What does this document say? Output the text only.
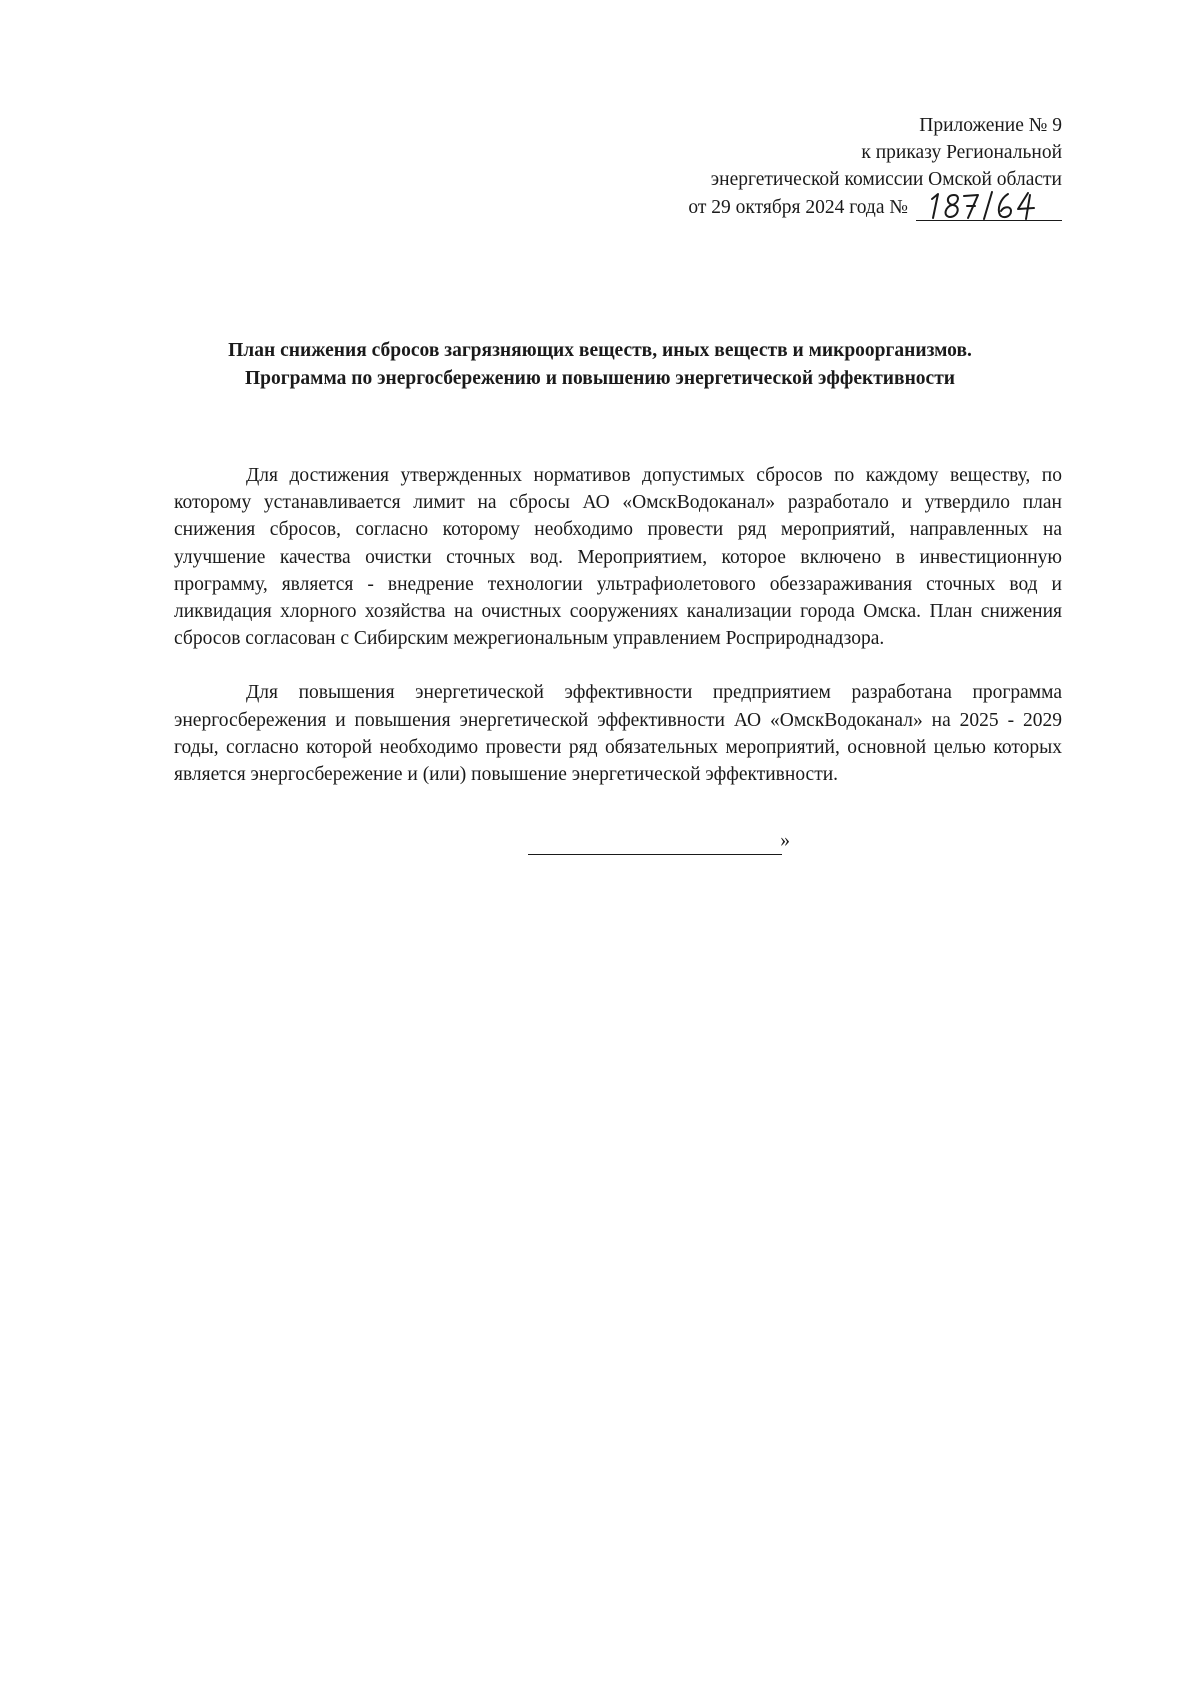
Приложение № 9
к приказу Региональной
энергетической комиссии Омской области
от 29 октября 2024 года №
План снижения сбросов загрязняющих веществ, иных веществ и микроорганизмов.
Программа по энергосбережению и повышению энергетической эффективности

Для достижения утвержденных нормативов допустимых сбросов по каждому веществу, по которому устанавливается лимит на сбросы АО «ОмскВодоканал» разработало и утвердило план снижения сбросов, согласно которому необходимо провести ряд мероприятий, направленных на улучшение качества очистки сточных вод. Мероприятием, которое включено в инвестиционную программу, является - внедрение технологии ультрафиолетового обеззараживания сточных вод и ликвидация хлорного хозяйства на очистных сооружениях канализации города Омска. План снижения сбросов согласован с Сибирским межрегиональным управлением Росприроднадзора.

Для повышения энергетической эффективности предприятием разработана программа энергосбережения и повышения энергетической эффективности АО «ОмскВодоканал» на 2025 - 2029 годы, согласно которой необходимо провести ряд обязательных мероприятий, основной целью которых является энергосбережение и (или) повышение энергетической эффективности.

»
